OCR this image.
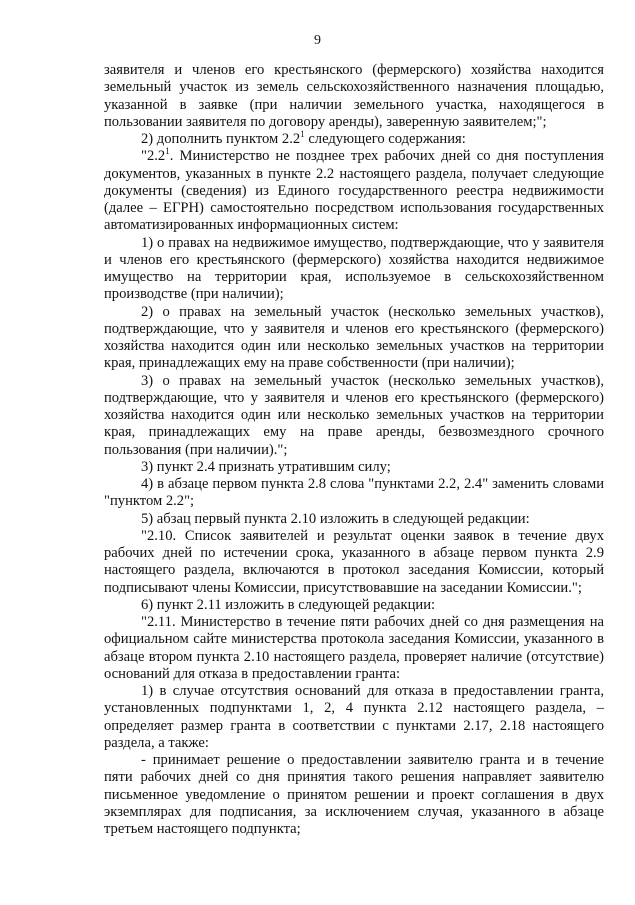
9

заявителя и членов его крестьянского (фермерского) хозяйства находится земельный участок из земель сельскохозяйственного назначения площадью, указанной в заявке (при наличии земельного участка, находящегося в пользовании заявителя по договору аренды), заверенную заявителем;";

2) дополнить пунктом $2.2^1$ следующего содержания:

"$2.2^1$. Министерство не позднее трех рабочих дней со дня поступления документов, указанных в пункте 2.2 настоящего раздела, получает следующие документы (сведения) из Единого государственного реестра недвижимости (далее – ЕГРН) самостоятельно посредством использования государственных автоматизированных информационных систем:

1) о правах на недвижимое имущество, подтверждающие, что у заявителя и членов его крестьянского (фермерского) хозяйства находится недвижимое имущество на территории края, используемое в сельскохозяйственном производстве (при наличии);

2) о правах на земельный участок (несколько земельных участков), подтверждающие, что у заявителя и членов его крестьянского (фермерского) хозяйства находится один или несколько земельных участков на территории края, принадлежащих ему на праве собственности (при наличии);

3) о правах на земельный участок (несколько земельных участков), подтверждающие, что у заявителя и членов его крестьянского (фермерского) хозяйства находится один или несколько земельных участков на территории края, принадлежащих ему на праве аренды, безвозмездного срочного пользования (при наличии).";

3) пункт 2.4 признать утратившим силу;

4) в абзаце первом пункта 2.8 слова "пунктами 2.2, 2.4" заменить словами "пунктом 2.2";

5) абзац первый пункта 2.10 изложить в следующей редакции:

"2.10. Список заявителей и результат оценки заявок в течение двух рабочих дней по истечении срока, указанного в абзаце первом пункта 2.9 настоящего раздела, включаются в протокол заседания Комиссии, который подписывают члены Комиссии, присутствовавшие на заседании Комиссии.";

6) пункт 2.11 изложить в следующей редакции:

"2.11. Министерство в течение пяти рабочих дней со дня размещения на официальном сайте министерства протокола заседания Комиссии, указанного в абзаце втором пункта 2.10 настоящего раздела, проверяет наличие (отсутствие) оснований для отказа в предоставлении гранта:

1) в случае отсутствия оснований для отказа в предоставлении гранта, установленных подпунктами 1, 2, 4 пункта 2.12 настоящего раздела, – определяет размер гранта в соответствии с пунктами 2.17, 2.18 настоящего раздела, а также:

- принимает решение о предоставлении заявителю гранта и в течение пяти рабочих дней со дня принятия такого решения направляет заявителю письменное уведомление о принятом решении и проект соглашения в двух экземплярах для подписания, за исключением случая, указанного в абзаце третьем настоящего подпункта;
